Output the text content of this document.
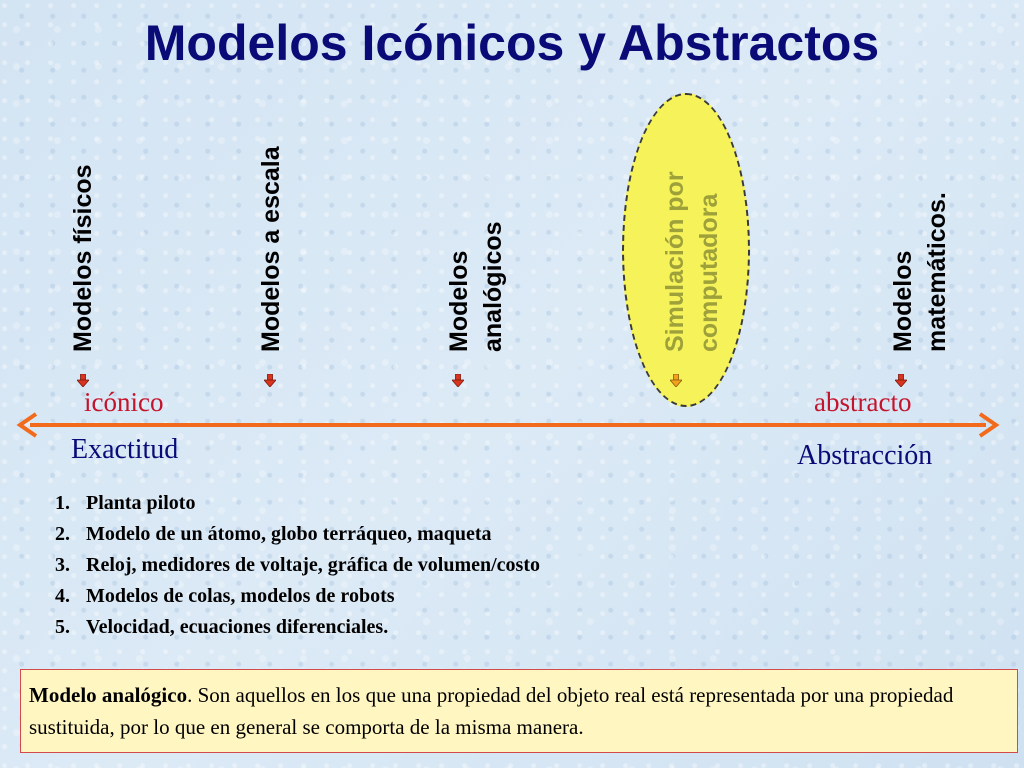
Modelos Icónicos y Abstractos
Modelos físicos	Modelos a escala	Modelos analógicos	Simulación por computadora	Modelos matemáticos.
icónico	abstracto
Exactitud	Abstracción
1. Planta piloto
2. Modelo de un átomo, globo terráqueo, maqueta
3. Reloj, medidores de voltaje, gráfica de volumen/costo
4. Modelos de colas, modelos de robots
5. Velocidad, ecuaciones diferenciales.
Modelo analógico. Son aquellos en los que una propiedad del objeto real está representada por una propiedad sustituida, por lo que en general se comporta de la misma manera.
